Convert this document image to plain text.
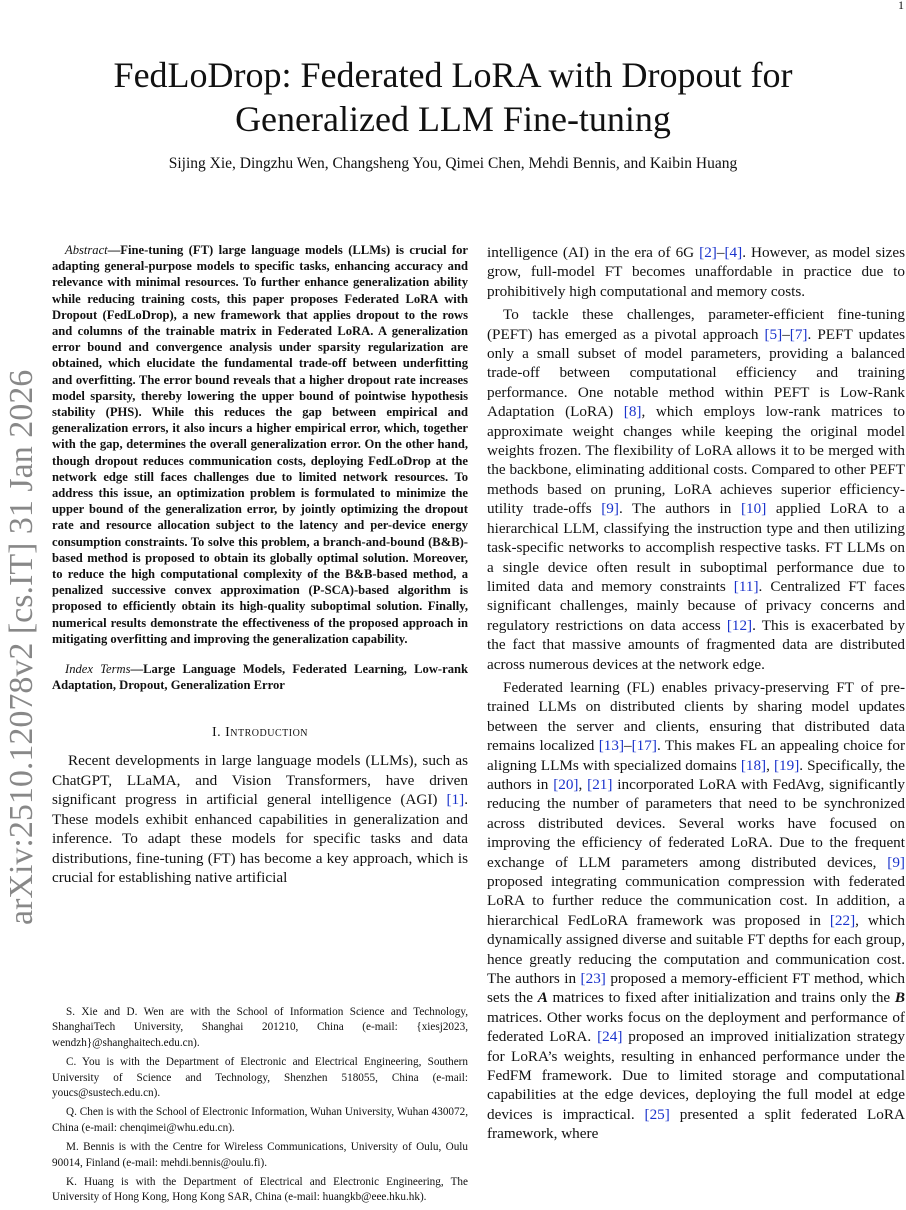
1
arXiv:2510.12078v2 [cs.IT] 31 Jan 2026
FedLoDrop: Federated LoRA with Dropout for
Generalized LLM Fine-tuning
Sijing Xie, Dingzhu Wen, Changsheng You, Qimei Chen, Mehdi Bennis, and Kaibin Huang

Abstract—Fine-tuning (FT) large language models (LLMs) is crucial for adapting general-purpose models to specific tasks, enhancing accuracy and relevance with minimal resources. To further enhance generalization ability while reducing training costs, this paper proposes Federated LoRA with Dropout (FedLoDrop), a new framework that applies dropout to the rows and columns of the trainable matrix in Federated LoRA. A generalization error bound and convergence analysis under sparsity regularization are obtained, which elucidate the fundamental trade-off between underfitting and overfitting. The error bound reveals that a higher dropout rate increases model sparsity, thereby lowering the upper bound of pointwise hypothesis stability (PHS). While this reduces the gap between empirical and generalization errors, it also incurs a higher empirical error, which, together with the gap, determines the overall generalization error. On the other hand, though dropout reduces communication costs, deploying FedLoDrop at the network edge still faces challenges due to limited network resources. To address this issue, an optimization problem is formulated to minimize the upper bound of the generalization error, by jointly optimizing the dropout rate and resource allocation subject to the latency and per-device energy consumption constraints. To solve this problem, a branch-and-bound (B&B)-based method is proposed to obtain its globally optimal solution. Moreover, to reduce the high computational complexity of the B&B-based method, a penalized successive convex approximation (P-SCA)-based algorithm is proposed to efficiently obtain its high-quality suboptimal solution. Finally, numerical results demonstrate the effectiveness of the proposed approach in mitigating overfitting and improving the generalization capability.

Index Terms—Large Language Models, Federated Learning, Low-rank Adaptation, Dropout, Generalization Error

I. Introduction

Recent developments in large language models (LLMs), such as ChatGPT, LLaMA, and Vision Transformers, have driven significant progress in artificial general intelligence (AGI) [1]. These models exhibit enhanced capabilities in generalization and inference. To adapt these models for specific tasks and data distributions, fine-tuning (FT) has become a key approach, which is crucial for establishing native artificial

S. Xie and D. Wen are with the School of Information Science and Technology, ShanghaiTech University, Shanghai 201210, China (e-mail: {xiesj2023, wendzh}@shanghaitech.edu.cn).

C. You is with the Department of Electronic and Electrical Engineering, Southern University of Science and Technology, Shenzhen 518055, China (e-mail: youcs@sustech.edu.cn).

Q. Chen is with the School of Electronic Information, Wuhan University, Wuhan 430072, China (e-mail: chenqimei@whu.edu.cn).

M. Bennis is with the Centre for Wireless Communications, University of Oulu, Oulu 90014, Finland (e-mail: mehdi.bennis@oulu.fi).

K. Huang is with the Department of Electrical and Electronic Engineering, The University of Hong Kong, Hong Kong SAR, China (e-mail: huangkb@eee.hku.hk).

intelligence (AI) in the era of 6G [2]–[4]. However, as model sizes grow, full-model FT becomes unaffordable in practice due to prohibitively high computational and memory costs.

To tackle these challenges, parameter-efficient fine-tuning (PEFT) has emerged as a pivotal approach [5]–[7]. PEFT updates only a small subset of model parameters, providing a balanced trade-off between computational efficiency and training performance. One notable method within PEFT is Low-Rank Adaptation (LoRA) [8], which employs low-rank matrices to approximate weight changes while keeping the original model weights frozen. The flexibility of LoRA allows it to be merged with the backbone, eliminating additional costs. Compared to other PEFT methods based on pruning, LoRA achieves superior efficiency-utility trade-offs [9]. The authors in [10] applied LoRA to a hierarchical LLM, classifying the instruction type and then utilizing task-specific networks to accomplish respective tasks. FT LLMs on a single device often result in suboptimal performance due to limited data and memory constraints [11]. Centralized FT faces significant challenges, mainly because of privacy concerns and regulatory restrictions on data access [12]. This is exacerbated by the fact that massive amounts of fragmented data are distributed across numerous devices at the network edge.

Federated learning (FL) enables privacy-preserving FT of pre-trained LLMs on distributed clients by sharing model updates between the server and clients, ensuring that distributed data remains localized [13]–[17]. This makes FL an appealing choice for aligning LLMs with specialized domains [18], [19]. Specifically, the authors in [20], [21] incorporated LoRA with FedAvg, significantly reducing the number of parameters that need to be synchronized across distributed devices. Several works have focused on improving the efficiency of federated LoRA. Due to the frequent exchange of LLM parameters among distributed devices, [9] proposed integrating communication compression with federated LoRA to further reduce the communication cost. In addition, a hierarchical FedLoRA framework was proposed in [22], which dynamically assigned diverse and suitable FT depths for each group, hence greatly reducing the computation and communication cost. The authors in [23] proposed a memory-efficient FT method, which sets the A matrices to fixed after initialization and trains only the B matrices. Other works focus on the deployment and performance of federated LoRA. [24] proposed an improved initialization strategy for LoRA’s weights, resulting in enhanced performance under the FedFM framework. Due to limited storage and computational capabilities at the edge devices, deploying the full model at edge devices is impractical. [25] presented a split federated LoRA framework, where
